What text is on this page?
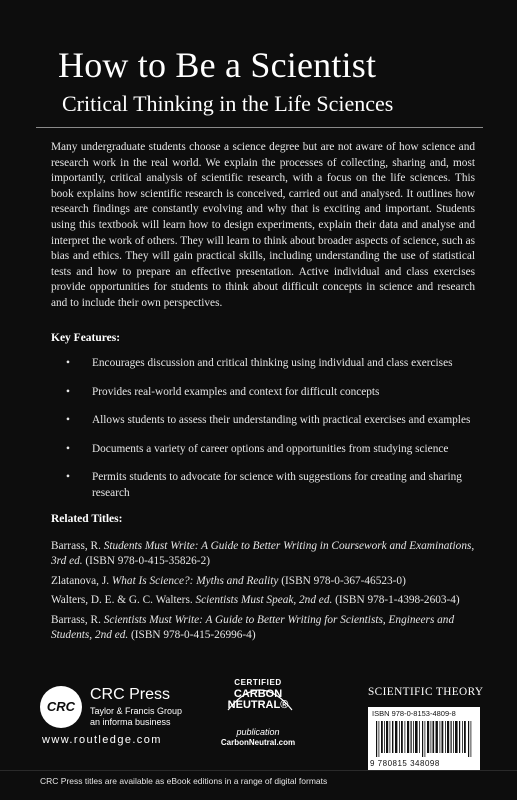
How to Be a Scientist
Critical Thinking in the Life Sciences
Many undergraduate students choose a science degree but are not aware of how science and research work in the real world. We explain the processes of collecting, sharing and, most importantly, critical analysis of scientific research, with a focus on the life sciences. This book explains how scientific research is conceived, carried out and analysed. It outlines how research findings are constantly evolving and why that is exciting and important. Students using this textbook will learn how to design experiments, explain their data and analyse and interpret the work of others. They will learn to think about broader aspects of science, such as bias and ethics. They will gain practical skills, including understanding the use of statistical tests and how to prepare an effective presentation. Active individual and class exercises provide opportunities for students to think about difficult concepts in science and research and to include their own perspectives.
Key Features:
• Encourages discussion and critical thinking using individual and class exercises
• Provides real-world examples and context for difficult concepts
• Allows students to assess their understanding with practical exercises and examples
• Documents a variety of career options and opportunities from studying science
• Permits students to advocate for science with suggestions for creating and sharing research
Related Titles:
Barrass, R. Students Must Write: A Guide to Better Writing in Coursework and Examinations, 3rd ed. (ISBN 978-0-415-35826-2)
Zlatanova, J. What Is Science?: Myths and Reality (ISBN 978-0-367-46523-0)
Walters, D. E. & G. C. Walters. Scientists Must Speak, 2nd ed. (ISBN 978-1-4398-2603-4)
Barrass, R. Scientists Must Write: A Guide to Better Writing for Scientists, Engineers and Students, 2nd ed. (ISBN 978-0-415-26996-4)
CRC
CRC Press
Taylor & Francis Group
an informa business
www.routledge.com
CERTIFIED
CARBON
NEUTRAL®
publication
CarbonNeutral.com
SCIENTIFIC THEORY
ISBN 978-0-8153-4809-8
9 780815 348098
CRC Press titles are available as eBook editions in a range of digital formats
